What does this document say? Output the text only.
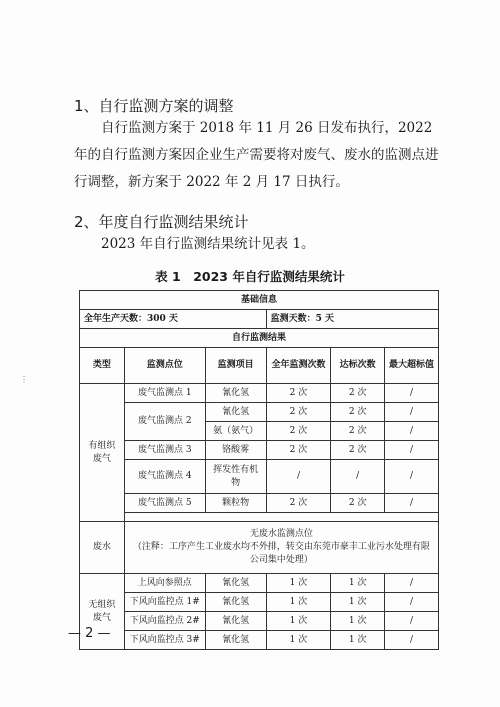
1、自行监测方案的调整
自行监测方案于 2018 年 11 月 26 日发布执行，2022 年的自行监测方案因企业生产需要将对废气、废水的监测点进行调整，新方案于 2022 年 2 月 17 日执行。
2、年度自行监测结果统计
2023 年自行监测结果统计见表 1。
表 1　2023 年自行监测结果统计
⋮
基础信息					
全年生产天数：300 天			监测天数：5 天		
自行监测结果					
类型	监测点位	监测项目	全年监测次数	达标次数	最大超标值
有组织废气	废气监测点 1	氰化氢	2 次	2 次	/
	废气监测点 2	氰化氢	2 次	2 次	/
		氨（氨气）	2 次	2 次	/
	废气监测点 3	铬酸雾	2 次	2 次	/
	废气监测点 4	挥发性有机物	/	/	/
	废气监测点 5	颗粒物	2 次	2 次	/

废水	无废水监测点位
（注释：工序产生工业废水均不外排，转交由东莞市豪丰工业污水处理有限公司集中处理）				

无组织废气	上风向参照点	氰化氢	1 次	1 次	/
	下风向监控点 1#	氰化氢	1 次	1 次	/
	下风向监控点 2#	氰化氢	1 次	1 次	/
	下风向监控点 3#	氰化氢	1 次	1 次	/
— 2 —
